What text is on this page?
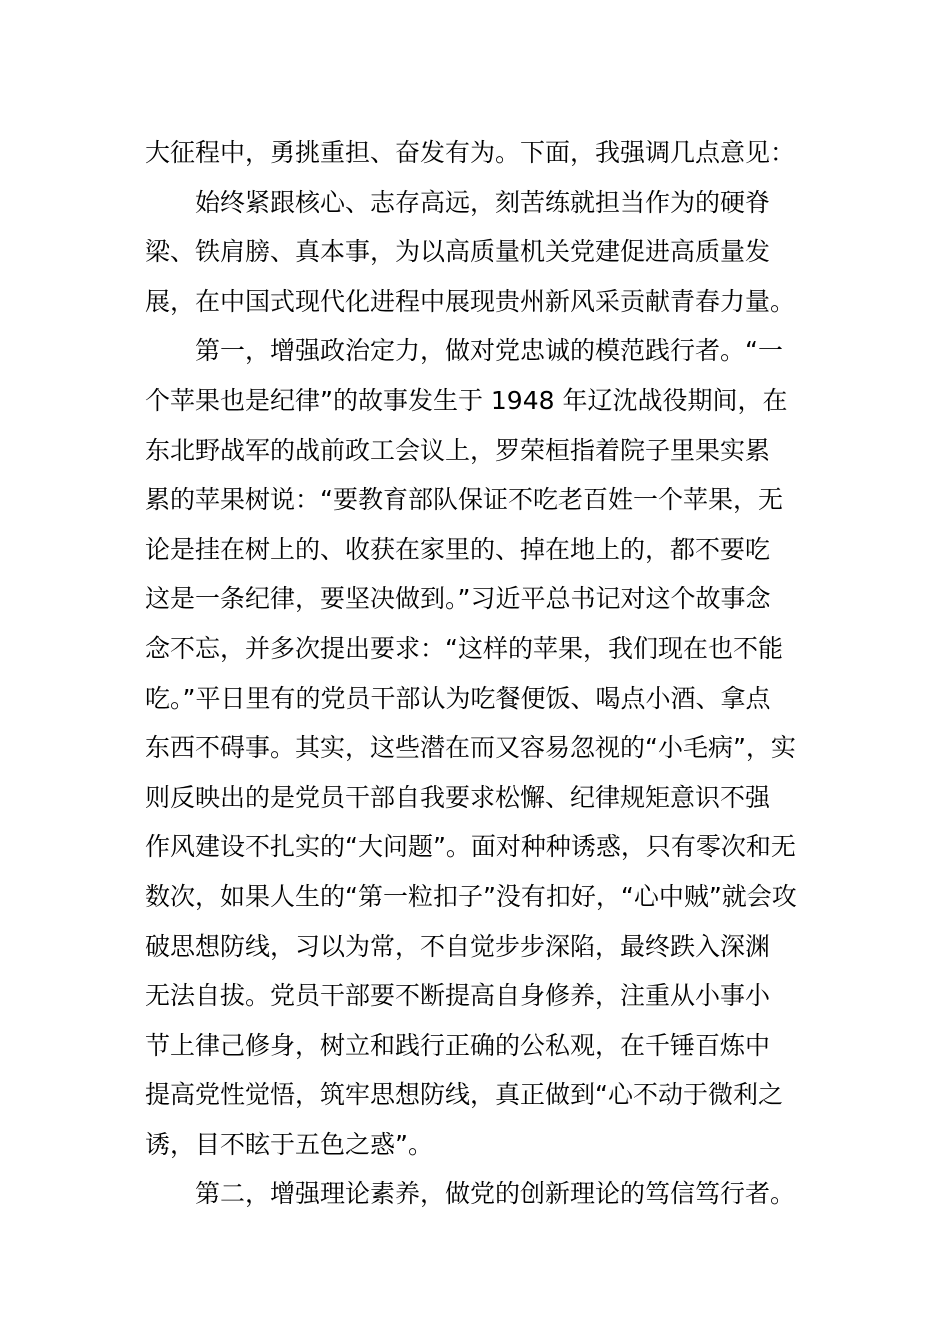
大征程中，勇挑重担、奋发有为。下面，我强调几点意见：
始终紧跟核心、志存高远，刻苦练就担当作为的硬脊
梁、铁肩膀、真本事，为以高质量机关党建促进高质量发
展，在中国式现代化进程中展现贵州新风采贡献青春力量。
第一，增强政治定力，做对党忠诚的模范践行者。“一
个苹果也是纪律”的故事发生于 1948 年辽沈战役期间，在
东北野战军的战前政工会议上，罗荣桓指着院子里果实累
累的苹果树说：“要教育部队保证不吃老百姓一个苹果，无
论是挂在树上的、收获在家里的、掉在地上的，都不要吃
这是一条纪律，要坚决做到。”习近平总书记对这个故事念
念不忘，并多次提出要求：“这样的苹果，我们现在也不能
吃。”平日里有的党员干部认为吃餐便饭、喝点小酒、拿点
东西不碍事。其实，这些潜在而又容易忽视的“小毛病”，实
则反映出的是党员干部自我要求松懈、纪律规矩意识不强
作风建设不扎实的“大问题”。面对种种诱惑，只有零次和无
数次，如果人生的“第一粒扣子”没有扣好，“心中贼”就会攻
破思想防线，习以为常，不自觉步步深陷，最终跌入深渊
无法自拔。党员干部要不断提高自身修养，注重从小事小
节上律己修身，树立和践行正确的公私观，在千锤百炼中
提高党性觉悟，筑牢思想防线，真正做到“心不动于微利之
诱，目不眩于五色之惑”。
第二，增强理论素养，做党的创新理论的笃信笃行者。
